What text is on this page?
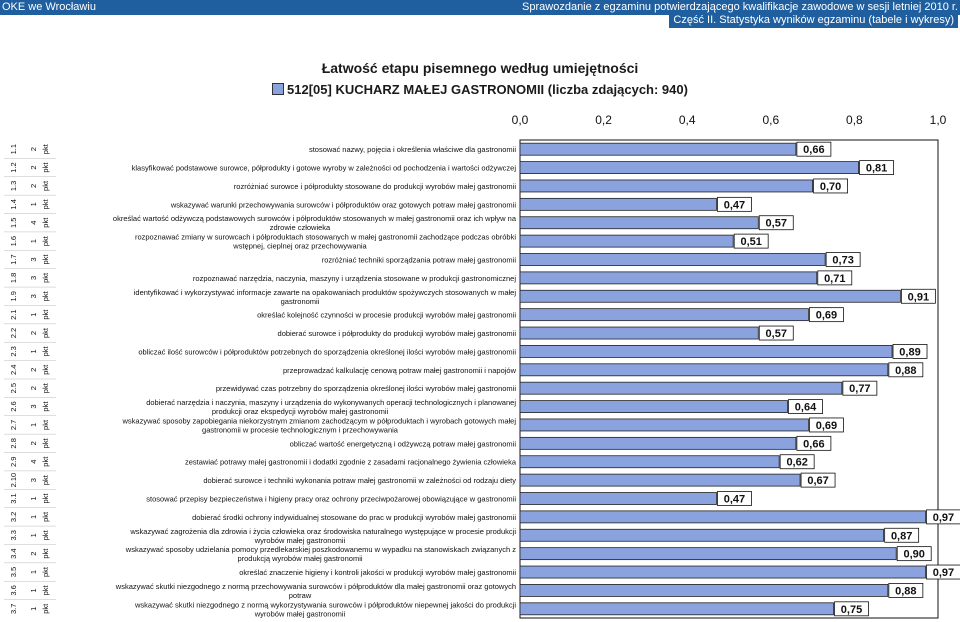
OKE we Wrocławiu	Sprawozdanie z egzaminu potwierdzającego kwalifikacje zawodowe w sesji letniej 2010 r.
Część II. Statystyka wyników egzaminu (tabele i wykresy)
Łatwość etapu pisemnego według umiejętności
512[05] KUCHARZ MAŁEJ GASTRONOMII (liczba zdających: 940)
0,0	0,2	0,4	0,6	0,8	1,0
1.1 2 pkt	stosować nazwy, pojęcia i określenia właściwe dla gastronomii	0,66
1.2 2 pkt	klasyfikować podstawowe surowce, półprodukty i gotowe wyroby w zależności od pochodzenia i wartości odżywczej	0,81
1.3 2 pkt	rozróżniać surowce i półprodukty stosowane do produkcji wyrobów małej gastronomii	0,70
1.4 1 pkt	wskazywać warunki przechowywania surowców i półproduktów oraz gotowych potraw małej gastronomii	0,47
1.5 4 pkt	określać wartość odżywczą podstawowych surowców i półproduktów stosowanych w małej gastronomii oraz ich wpływ na
zdrowie człowieka	0,57
1.6 1 pkt	rozpoznawać zmiany w surowcach i półproduktach stosowanych w małej gastronomii zachodzące podczas obróbki
wstępnej, cieplnej oraz przechowywania	0,51
1.7 3 pkt	rozróżniać techniki sporządzania potraw małej gastronomii	0,73
1.8 3 pkt	rozpoznawać narzędzia, naczynia, maszyny i urządzenia stosowane w produkcji gastronomicznej	0,71
1.9 3 pkt	identyfikować i wykorzystywać informacje zawarte na opakowaniach produktów spożywczych stosowanych w małej
gastronomii	0,91
2.1 1 pkt	określać kolejność czynności w procesie produkcji wyrobów małej gastronomii	0,69
2.2 2 pkt	dobierać surowce i półprodukty do produkcji wyrobów małej gastronomii	0,57
2.3 1 pkt	obliczać ilość surowców i półproduktów potrzebnych do sporządzenia określonej ilości wyrobów małej gastronomii	0,89
2.4 2 pkt	przeprowadzać kalkulację cenową potraw małej gastronomii i napojów	0,88
2.5 2 pkt	przewidywać czas potrzebny do sporządzenia określonej ilości wyrobów małej gastronomii	0,77
2.6 3 pkt	dobierać narzędzia i naczynia, maszyny i urządzenia do wykonywanych operacji technologicznych i planowanej
produkcji oraz ekspedycji wyrobów małej gastronomii	0,64
2.7 1 pkt	wskazywać sposoby zapobiegania niekorzystnym zmianom zachodzącym w półproduktach i wyrobach gotowych małej
gastronomii w procesie technologicznym i przechowywania	0,69
2.8 2 pkt	obliczać wartość energetyczną i odżywczą potraw małej gastronomii	0,66
2.9 4 pkt	zestawiać potrawy małej gastronomii i dodatki zgodnie z zasadami racjonalnego żywienia człowieka	0,62
2.10 3 pkt	dobierać surowce i techniki wykonania potraw małej gastronomii w zależności od rodzaju diety	0,67
3.1 1 pkt	stosować przepisy bezpieczeństwa i higieny pracy oraz ochrony przeciwpożarowej obowiązujące w gastronomii	0,47
3.2 1 pkt	dobierać środki ochrony indywidualnej stosowane do prac w produkcji wyrobów małej gastronomii	0,97
3.3 1 pkt	wskazywać zagrożenia dla zdrowia i życia człowieka oraz środowiska naturalnego występujące w procesie produkcji
wyrobów małej gastronomii	0,87
3.4 2 pkt	wskazywać sposoby udzielania pomocy przedlekarskiej poszkodowanemu w wypadku na stanowiskach związanych z
produkcją wyrobów małej gastronomii	0,90
3.5 1 pkt	określać znaczenie higieny i kontroli jakości w produkcji wyrobów małej gastronomii	0,97
3.6 1 pkt	wskazywać skutki niezgodnego z normą przechowywania surowców i półproduktów dla małej gastronomii oraz gotowych
potraw	0,88
3.7 1 pkt	wskazywać skutki niezgodnego z normą wykorzystywania surowców i półproduktów niepewnej jakości do produkcji
wyrobów małej gastronomii	0,75
